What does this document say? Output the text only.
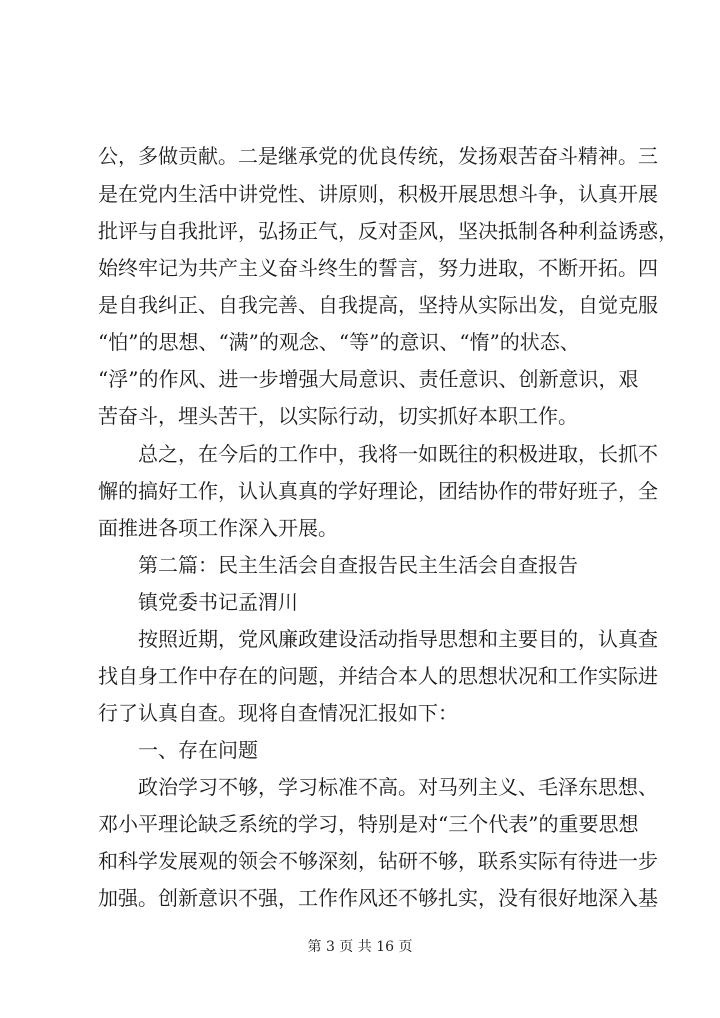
公，多做贡献。二是继承党的优良传统，发扬艰苦奋斗精神。三
是在党内生活中讲党性、讲原则，积极开展思想斗争，认真开展
批评与自我批评，弘扬正气，反对歪风，坚决抵制各种利益诱惑，
始终牢记为共产主义奋斗终生的誓言，努力进取，不断开拓。四
是自我纠正、自我完善、自我提高，坚持从实际出发，自觉克服
“怕”的思想、“满”的观念、“等”的意识、“惰”的状态、
“浮”的作风、进一步增强大局意识、责任意识、创新意识，艰
苦奋斗，埋头苦干，以实际行动，切实抓好本职工作。
总之，在今后的工作中，我将一如既往的积极进取，长抓不
懈的搞好工作，认认真真的学好理论，团结协作的带好班子，全
面推进各项工作深入开展。
第二篇：民主生活会自查报告民主生活会自查报告
镇党委书记孟渭川
按照近期，党风廉政建设活动指导思想和主要目的，认真查
找自身工作中存在的问题，并结合本人的思想状况和工作实际进
行了认真自查。现将自查情况汇报如下：
一、存在问题
政治学习不够，学习标准不高。对马列主义、毛泽东思想、
邓小平理论缺乏系统的学习，特别是对“三个代表”的重要思想
和科学发展观的领会不够深刻，钻研不够，联系实际有待进一步
加强。创新意识不强，工作作风还不够扎实，没有很好地深入基
第 3 页 共 16 页
